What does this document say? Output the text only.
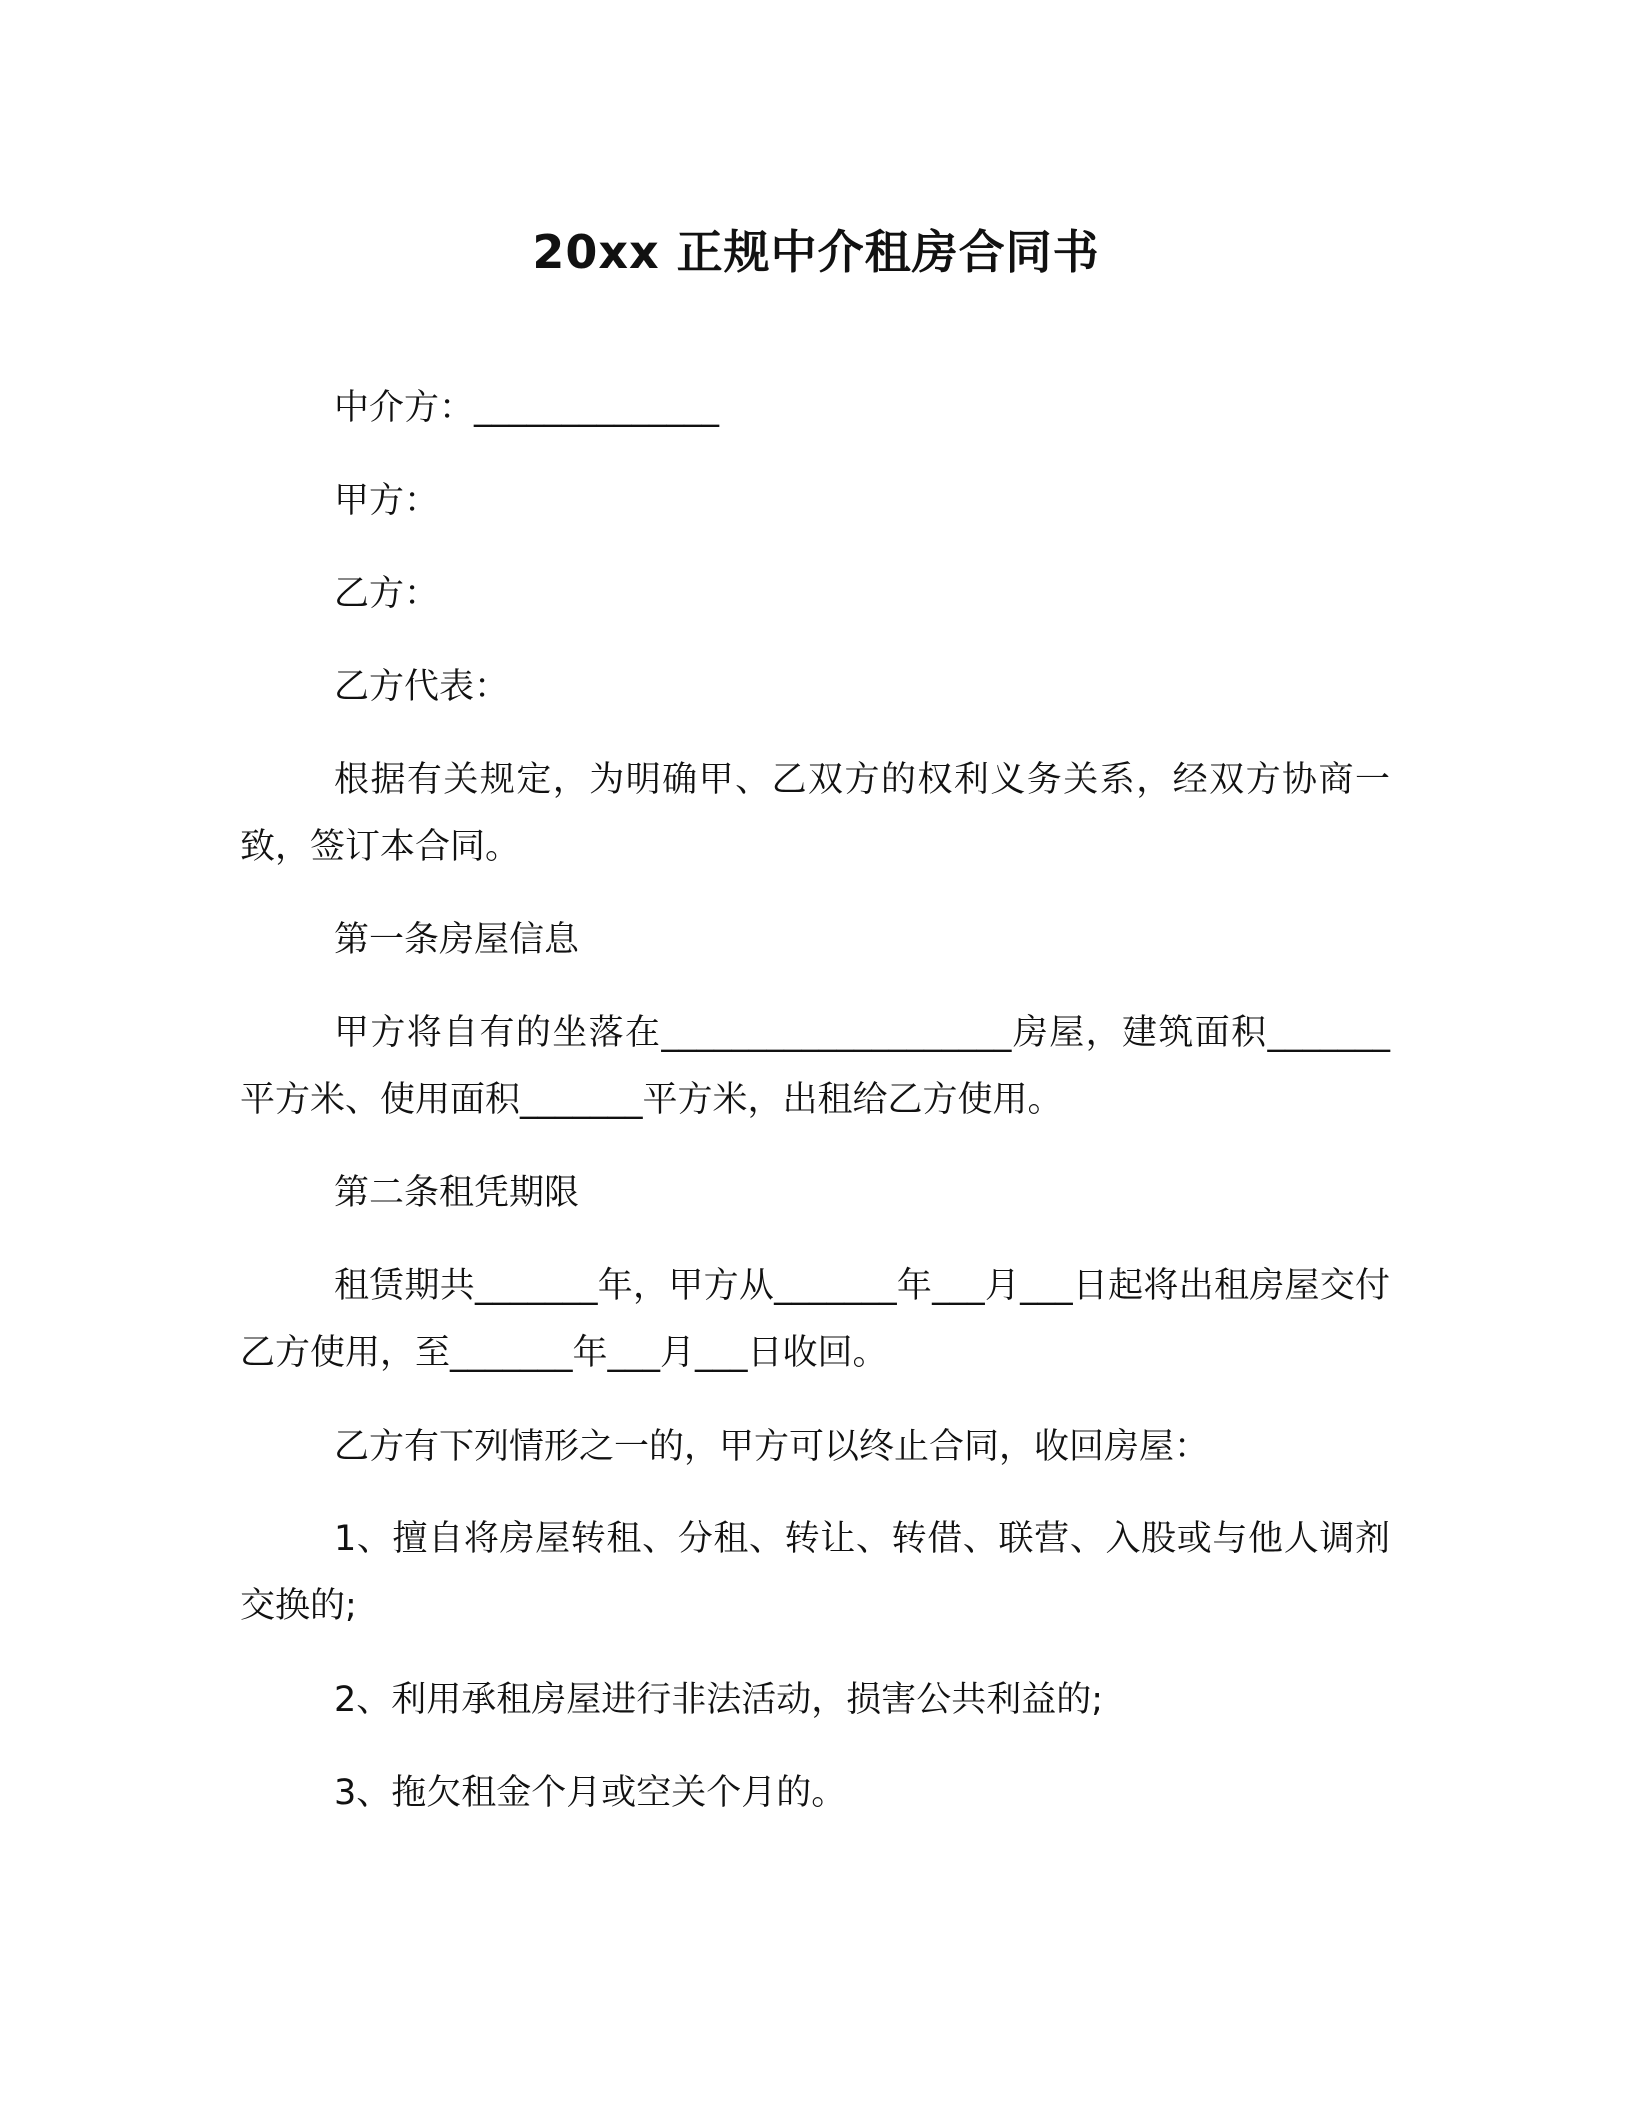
20xx 正规中介租房合同书
中介方：______________
甲方：
乙方：
乙方代表：
根据有关规定，为明确甲、乙双方的权利义务关系，经双方协商一致，签订本合同。
第一条房屋信息
甲方将自有的坐落在____________________房屋，建筑面积_______平方米、使用面积_______平方米，出租给乙方使用。
第二条租凭期限
租赁期共_______年，甲方从_______年___月___日起将出租房屋交付乙方使用，至_______年___月___日收回。
乙方有下列情形之一的，甲方可以终止合同，收回房屋：
1、擅自将房屋转租、分租、转让、转借、联营、入股或与他人调剂交换的;
2、利用承租房屋进行非法活动，损害公共利益的;
3、拖欠租金个月或空关个月的。
